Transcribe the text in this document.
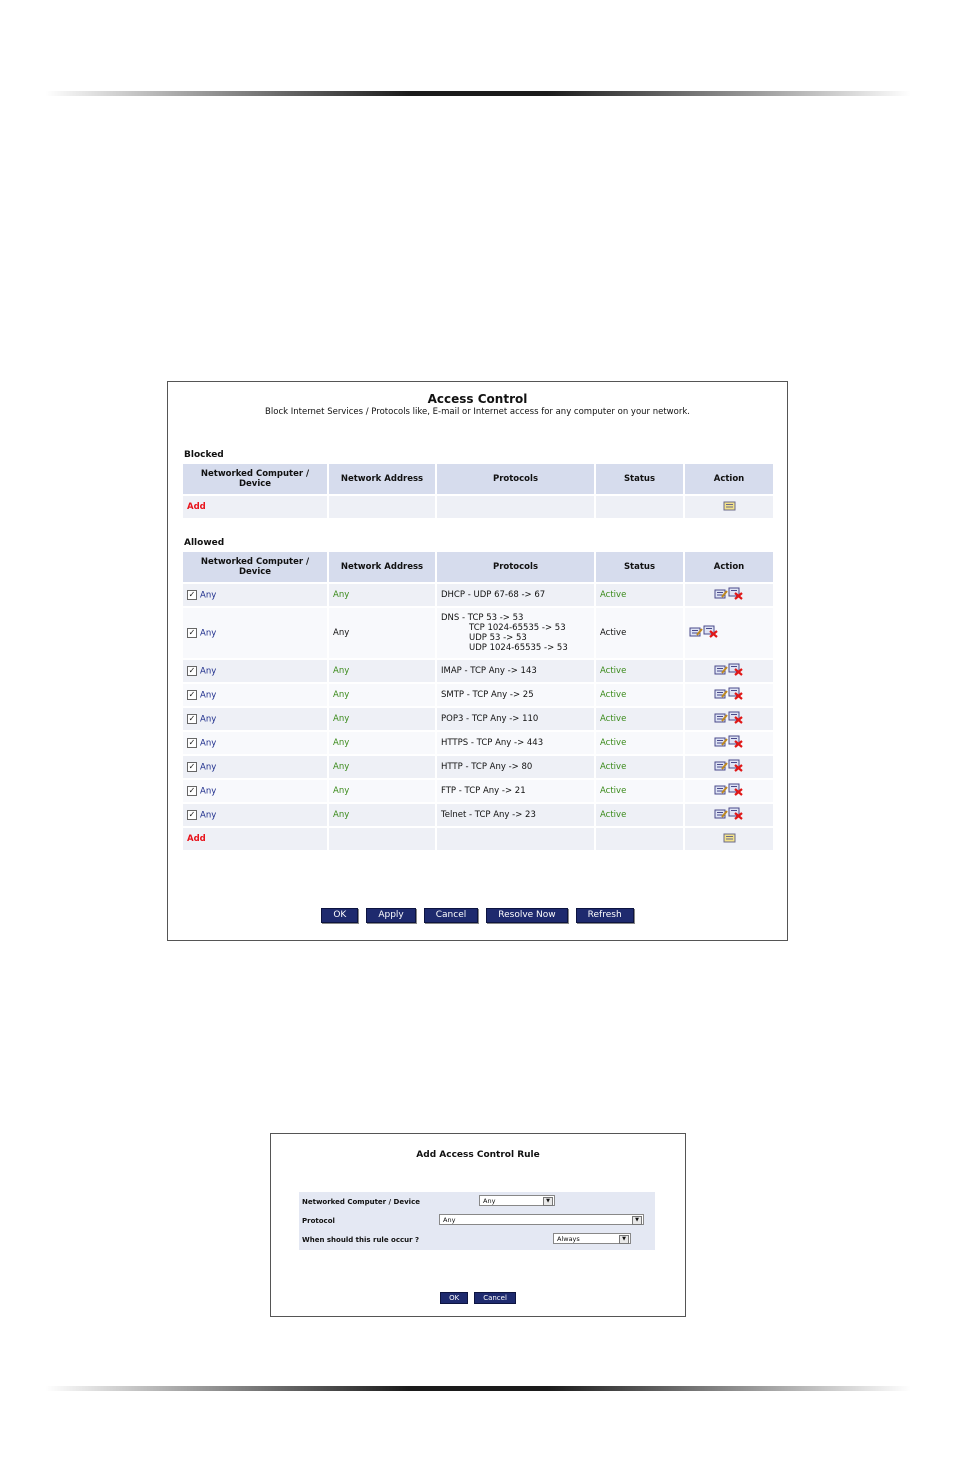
Access Control
Block Internet Services / Protocols like, E-mail or Internet access for any computer on your network.
Blocked
Networked Computer / Device	Network Address	Protocols	Status	Action
Add				
Allowed
Networked Computer / Device	Network Address	Protocols	Status	Action
✓ Any	Any	DHCP - UDP 67-68 -> 67	Active	
✓ Any	Any	DNS - TCP 53 -> 53
TCP 1024-65535 -> 53
UDP 53 -> 53
UDP 1024-65535 -> 53	Active	
✓ Any	Any	IMAP - TCP Any -> 143	Active	
✓ Any	Any	SMTP - TCP Any -> 25	Active	
✓ Any	Any	POP3 - TCP Any -> 110	Active	
✓ Any	Any	HTTPS - TCP Any -> 443	Active	
✓ Any	Any	HTTP - TCP Any -> 80	Active	
✓ Any	Any	FTP - TCP Any -> 21	Active	
✓ Any	Any	Telnet - TCP Any -> 23	Active	
Add				
OK	Apply	Cancel	Resolve Now	Refresh
Add Access Control Rule
Networked Computer / Device	Any	▼
Protocol	Any	▼
When should this rule occur ?	Always	▼
OK	Cancel
